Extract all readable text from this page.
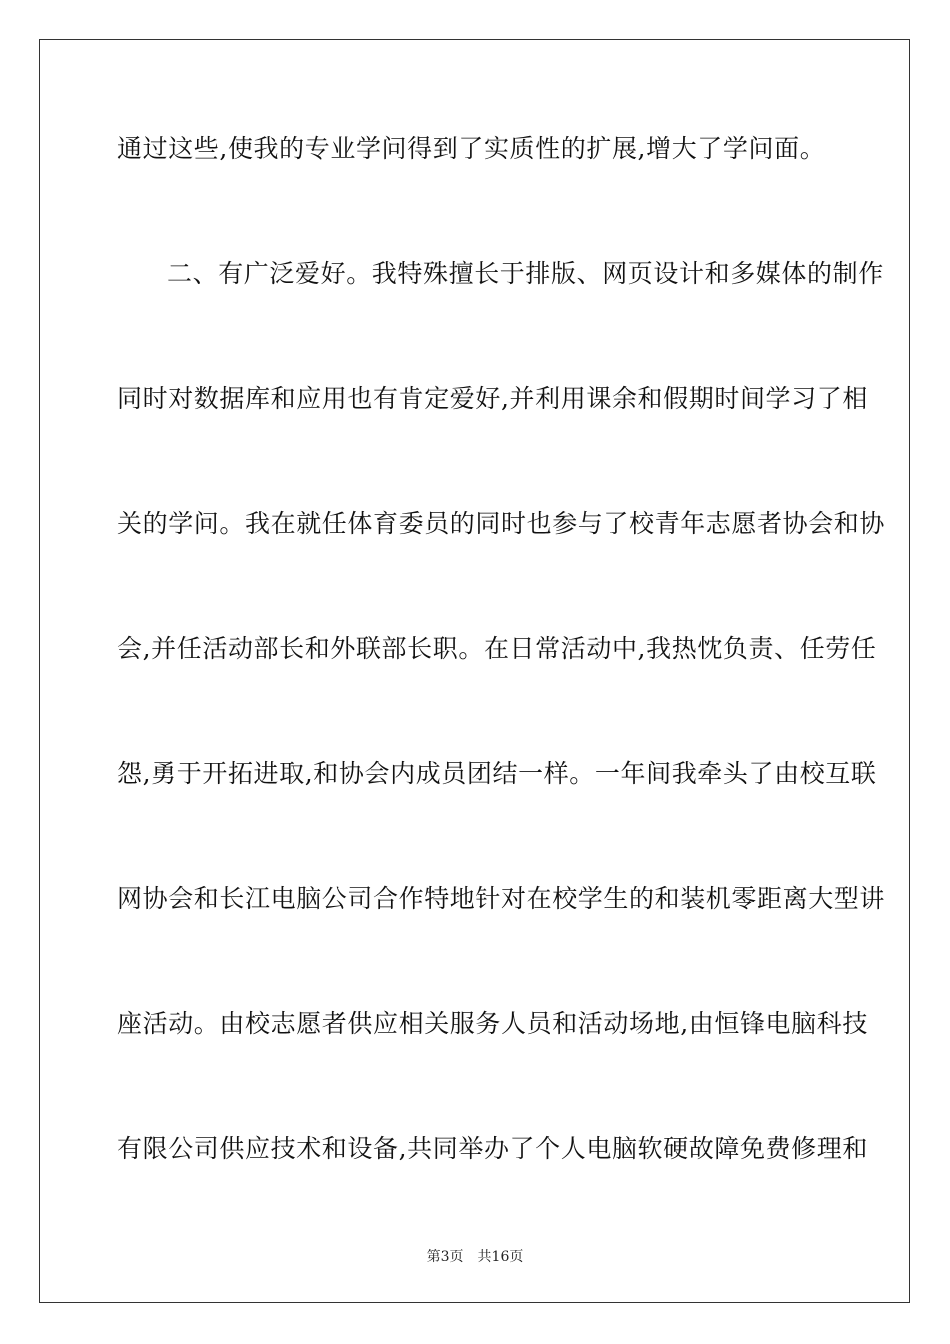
通过这些,使我的专业学问得到了实质性的扩展,增大了学问面。
二、有广泛爱好。我特殊擅长于排版、网页设计和多媒体的制作
同时对数据库和应用也有肯定爱好,并利用课余和假期时间学习了相
关的学问。我在就任体育委员的同时也参与了校青年志愿者协会和协
会,并任活动部长和外联部长职。在日常活动中,我热忱负责、任劳任
怨,勇于开拓进取,和协会内成员团结一样。一年间我牵头了由校互联
网协会和长江电脑公司合作特地针对在校学生的和装机零距离大型讲
座活动。由校志愿者供应相关服务人员和活动场地,由恒锋电脑科技
有限公司供应技术和设备,共同举办了个人电脑软硬故障免费修理和
第3页 共16页
